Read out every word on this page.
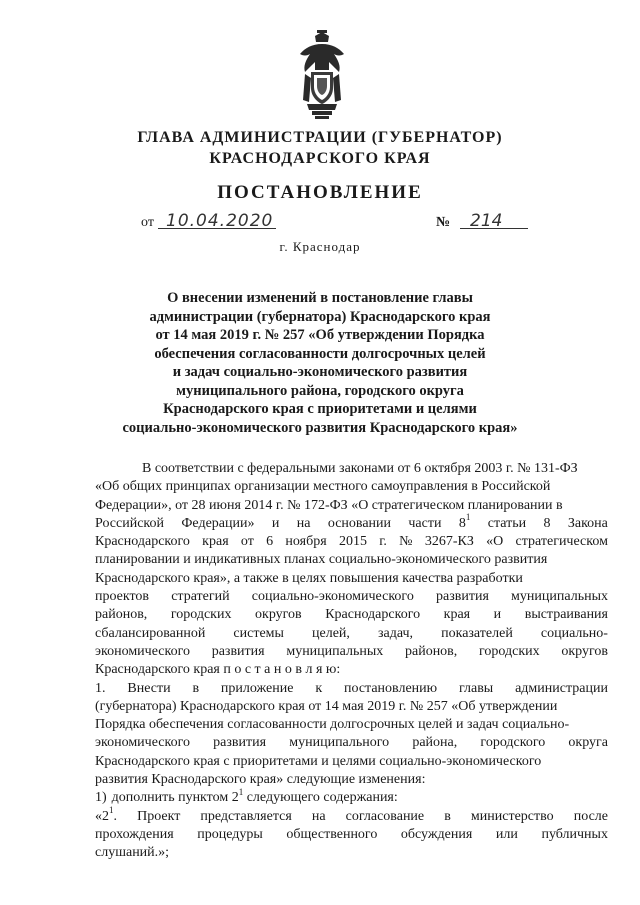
ГЛАВА АДМИНИСТРАЦИИ (ГУБЕРНАТОР)
КРАСНОДАРСКОГО КРАЯ
ПОСТАНОВЛЕНИЕ
от 10.04.2020	№ 214
г. Краснодар
О внесении изменений в постановление главы
администрации (губернатора) Краснодарского края
от 14 мая 2019 г. № 257 «Об утверждении Порядка
обеспечения согласованности долгосрочных целей
и задач социально-экономического развития
муниципального района, городского округа
Краснодарского края с приоритетами и целями
социально-экономического развития Краснодарского края»
В соответствии с федеральными законами от 6 октября 2003 г. № 131-ФЗ
«Об общих принципах организации местного самоуправления в Российской
Федерации», от 28 июня 2014 г. № 172-ФЗ «О стратегическом планировании в
Российской Федерации» и на основании части $8^1$ статьи 8 Закона
Краснодарского края от 6 ноября 2015 г. № 3267-КЗ «О стратегическом
планировании и индикативных планах социально-экономического развития
Краснодарского края», а также в целях повышения качества разработки
проектов стратегий социально-экономического развития муниципальных
районов, городских округов Краснодарского края и выстраивания
сбалансированной системы целей, задач, показателей социально-
экономического развития муниципальных районов, городских округов
Краснодарского края п о с т а н о в л я ю:
1. Внести в приложение к постановлению главы администрации
(губернатора) Краснодарского края от 14 мая 2019 г. № 257 «Об утверждении
Порядка обеспечения согласованности долгосрочных целей и задач социально-
экономического развития муниципального района, городского округа
Краснодарского края с приоритетами и целями социально-экономического
развития Краснодарского края» следующие изменения:
1) дополнить пунктом $2^1$ следующего содержания:
«$2^1$. Проект представляется на согласование в министерство после
прохождения процедуры общественного обсуждения или публичных
слушаний.»;
